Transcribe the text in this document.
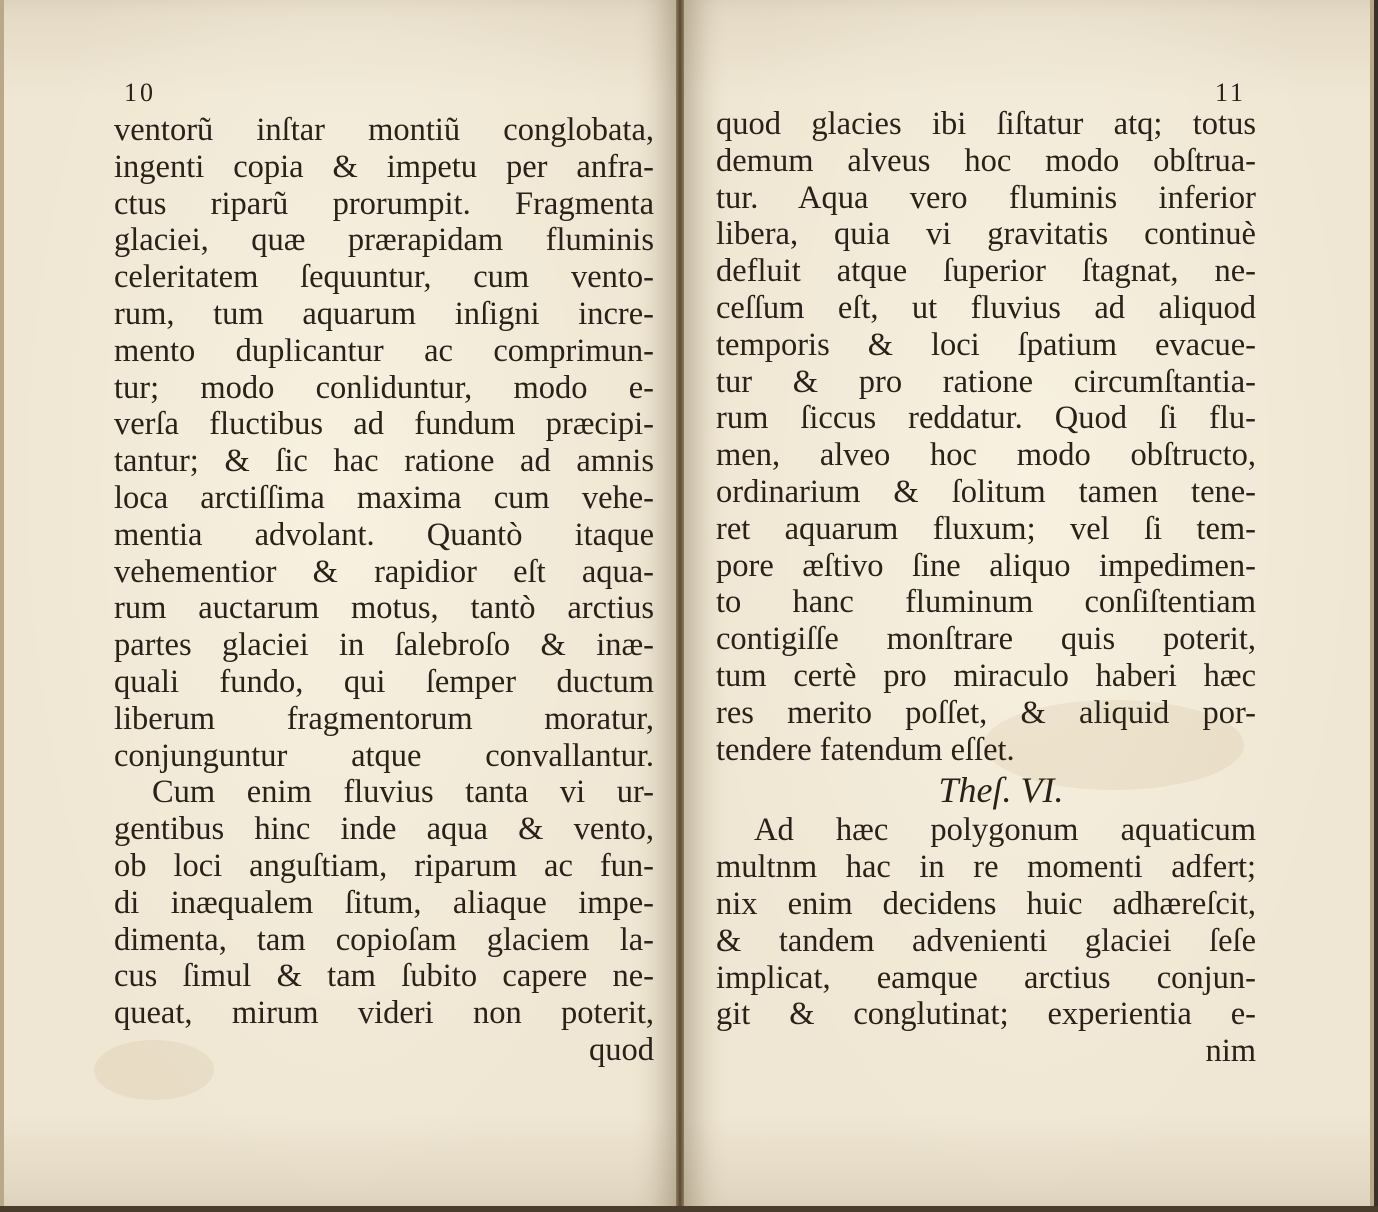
10
ventorũ inſtar montiũ conglobata,
ingenti copia & impetu per anfra-
ctus riparũ prorumpit. Fragmenta
glaciei, quæ prærapidam fluminis
celeritatem ſequuntur, cum vento-
rum, tum aquarum inſigni incre-
mento duplicantur ac comprimun-
tur; modo conliduntur, modo e-
verſa fluctibus ad fundum præcipi-
tantur; & ſic hac ratione ad amnis
loca arctiſſima maxima cum vehe-
mentia advolant. Quantò itaque
vehementior & rapidior eſt aqua-
rum auctarum motus, tantò arctius
partes glaciei in ſalebroſo & inæ-
quali fundo, qui ſemper ductum
liberum fragmentorum moratur,
conjunguntur atque convallantur.
Cum enim fluvius tanta vi ur-
gentibus hinc inde aqua & vento,
ob loci anguſtiam, riparum ac fun-
di inæqualem ſitum, aliaque impe-
dimenta, tam copioſam glaciem la-
cus ſimul & tam ſubito capere ne-
queat, mirum videri non poterit,
quod
11
quod glacies ibi ſiſtatur atq; totus
demum alveus hoc modo obſtrua-
tur. Aqua vero fluminis inferior
libera, quia vi gravitatis continuè
defluit atque ſuperior ſtagnat, ne-
ceſſum eſt, ut fluvius ad aliquod
temporis & loci ſpatium evacue-
tur & pro ratione circumſtantia-
rum ſiccus reddatur. Quod ſi flu-
men, alveo hoc modo obſtructo,
ordinarium & ſolitum tamen tene-
ret aquarum fluxum; vel ſi tem-
pore æſtivo ſine aliquo impedimen-
to hanc fluminum conſiſtentiam
contigiſſe monſtrare quis poterit,
tum certè pro miraculo haberi hæc
res merito poſſet, & aliquid por-
tendere fatendum eſſet.
Theſ. VI.
Ad hæc polygonum aquaticum
multnm hac in re momenti adfert;
nix enim decidens huic adhæreſcit,
& tandem advenienti glaciei ſeſe
implicat, eamque arctius conjun-
git & conglutinat; experientia e-
nim
